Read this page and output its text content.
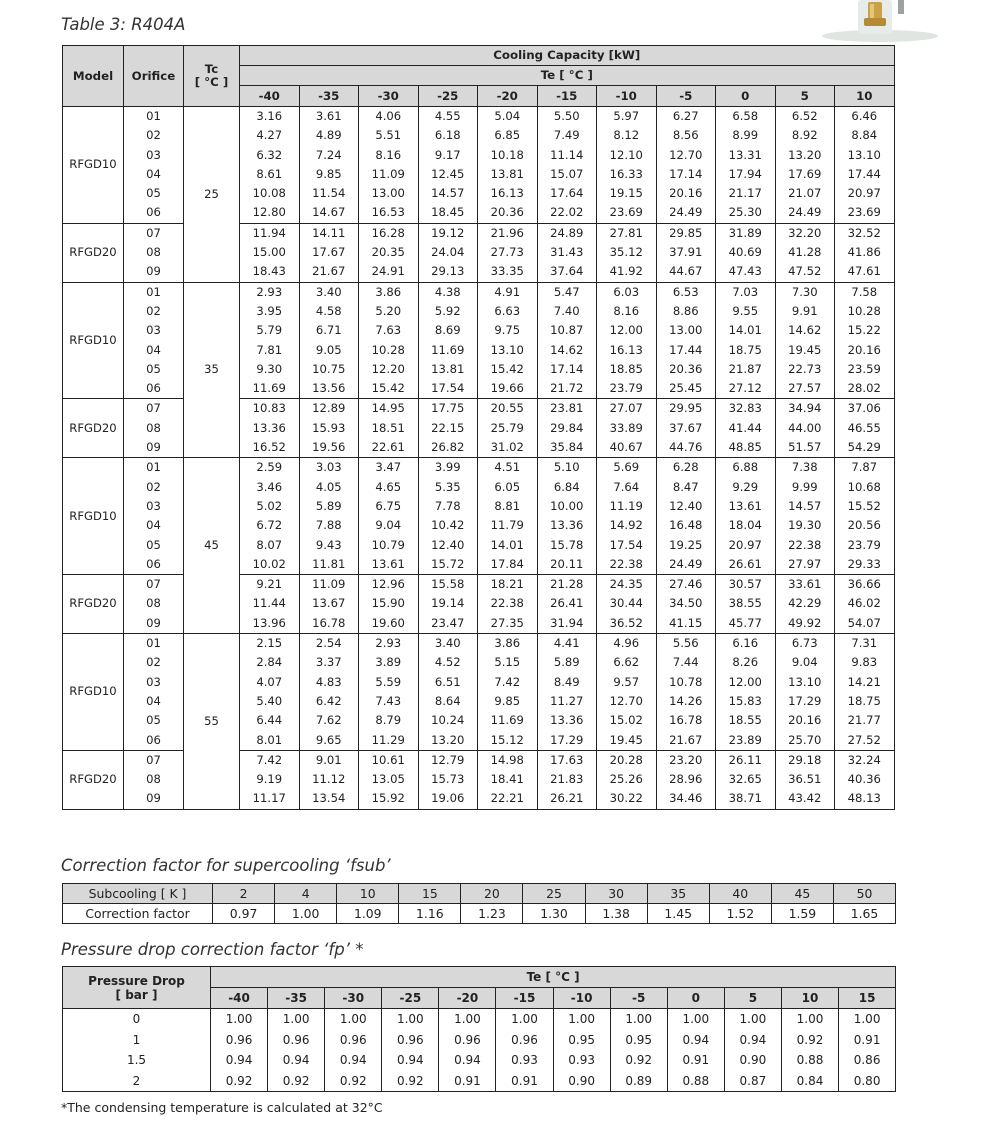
Table 3: R404A
Model	Orifice	Tc
[ °C ]	Cooling Capacity [kW]										
			Te [ °C ]										
			-40	-35	-30	-25	-20	-15	-10	-5	0	5	10
RFGD10	01	25	3.16	3.61	4.06	4.55	5.04	5.50	5.97	6.27	6.58	6.52	6.46
	02		4.27	4.89	5.51	6.18	6.85	7.49	8.12	8.56	8.99	8.92	8.84
	03		6.32	7.24	8.16	9.17	10.18	11.14	12.10	12.70	13.31	13.20	13.10
	04		8.61	9.85	11.09	12.45	13.81	15.07	16.33	17.14	17.94	17.69	17.44
	05		10.08	11.54	13.00	14.57	16.13	17.64	19.15	20.16	21.17	21.07	20.97
	06		12.80	14.67	16.53	18.45	20.36	22.02	23.69	24.49	25.30	24.49	23.69
RFGD20	07		11.94	14.11	16.28	19.12	21.96	24.89	27.81	29.85	31.89	32.20	32.52
	08		15.00	17.67	20.35	24.04	27.73	31.43	35.12	37.91	40.69	41.28	41.86
	09		18.43	21.67	24.91	29.13	33.35	37.64	41.92	44.67	47.43	47.52	47.61
RFGD10	01	35	2.93	3.40	3.86	4.38	4.91	5.47	6.03	6.53	7.03	7.30	7.58
	02		3.95	4.58	5.20	5.92	6.63	7.40	8.16	8.86	9.55	9.91	10.28
	03		5.79	6.71	7.63	8.69	9.75	10.87	12.00	13.00	14.01	14.62	15.22
	04		7.81	9.05	10.28	11.69	13.10	14.62	16.13	17.44	18.75	19.45	20.16
	05		9.30	10.75	12.20	13.81	15.42	17.14	18.85	20.36	21.87	22.73	23.59
	06		11.69	13.56	15.42	17.54	19.66	21.72	23.79	25.45	27.12	27.57	28.02
RFGD20	07		10.83	12.89	14.95	17.75	20.55	23.81	27.07	29.95	32.83	34.94	37.06
	08		13.36	15.93	18.51	22.15	25.79	29.84	33.89	37.67	41.44	44.00	46.55
	09		16.52	19.56	22.61	26.82	31.02	35.84	40.67	44.76	48.85	51.57	54.29
RFGD10	01	45	2.59	3.03	3.47	3.99	4.51	5.10	5.69	6.28	6.88	7.38	7.87
	02		3.46	4.05	4.65	5.35	6.05	6.84	7.64	8.47	9.29	9.99	10.68
	03		5.02	5.89	6.75	7.78	8.81	10.00	11.19	12.40	13.61	14.57	15.52
	04		6.72	7.88	9.04	10.42	11.79	13.36	14.92	16.48	18.04	19.30	20.56
	05		8.07	9.43	10.79	12.40	14.01	15.78	17.54	19.25	20.97	22.38	23.79
	06		10.02	11.81	13.61	15.72	17.84	20.11	22.38	24.49	26.61	27.97	29.33
RFGD20	07		9.21	11.09	12.96	15.58	18.21	21.28	24.35	27.46	30.57	33.61	36.66
	08		11.44	13.67	15.90	19.14	22.38	26.41	30.44	34.50	38.55	42.29	46.02
	09		13.96	16.78	19.60	23.47	27.35	31.94	36.52	41.15	45.77	49.92	54.07
RFGD10	01	55	2.15	2.54	2.93	3.40	3.86	4.41	4.96	5.56	6.16	6.73	7.31
	02		2.84	3.37	3.89	4.52	5.15	5.89	6.62	7.44	8.26	9.04	9.83
	03		4.07	4.83	5.59	6.51	7.42	8.49	9.57	10.78	12.00	13.10	14.21
	04		5.40	6.42	7.43	8.64	9.85	11.27	12.70	14.26	15.83	17.29	18.75
	05		6.44	7.62	8.79	10.24	11.69	13.36	15.02	16.78	18.55	20.16	21.77
	06		8.01	9.65	11.29	13.20	15.12	17.29	19.45	21.67	23.89	25.70	27.52
RFGD20	07		7.42	9.01	10.61	12.79	14.98	17.63	20.28	23.20	26.11	29.18	32.24
	08		9.19	11.12	13.05	15.73	18.41	21.83	25.26	28.96	32.65	36.51	40.36
	09		11.17	13.54	15.92	19.06	22.21	26.21	30.22	34.46	38.71	43.42	48.13
Correction factor for supercooling ‘fsub’
Subcooling [ K ]	2	4	10	15	20	25	30	35	40	45	50
Correction factor	0.97	1.00	1.09	1.16	1.23	1.30	1.38	1.45	1.52	1.59	1.65
Pressure drop correction factor ‘fp’ *
Pressure Drop
[ bar ]	Te [ °C ]											
	-40	-35	-30	-25	-20	-15	-10	-5	0	5	10	15
0	1.00	1.00	1.00	1.00	1.00	1.00	1.00	1.00	1.00	1.00	1.00	1.00
1	0.96	0.96	0.96	0.96	0.96	0.96	0.95	0.95	0.94	0.94	0.92	0.91
1.5	0.94	0.94	0.94	0.94	0.94	0.93	0.93	0.92	0.91	0.90	0.88	0.86
2	0.92	0.92	0.92	0.92	0.91	0.91	0.90	0.89	0.88	0.87	0.84	0.80
*The condensing temperature is calculated at 32°C
